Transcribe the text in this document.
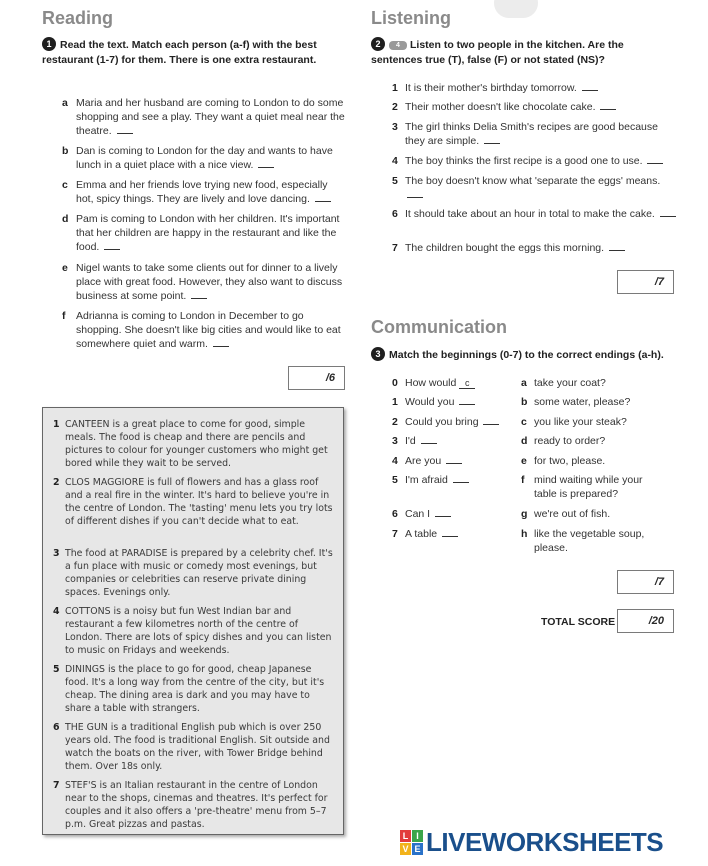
Reading
1 Read the text. Match each person (a-f) with the best restaurant (1-7) for them. There is one extra restaurant.
a Maria and her husband are coming to London to do some shopping and see a play. They want a quiet meal near the theatre.
b Dan is coming to London for the day and wants to have lunch in a quiet place with a nice view.
c Emma and her friends love trying new food, especially hot, spicy things. They are lively and love dancing.
d Pam is coming to London with her children. It's important that her children are happy in the restaurant and like the food.
e Nigel wants to take some clients out for dinner to a lively place with great food. However, they also want to discuss business at some point.
f Adrianna is coming to London in December to go shopping. She doesn't like big cities and would like to eat somewhere quiet and warm.
/6
1 CANTEEN is a great place to come for good, simple meals. The food is cheap and there are pencils and pictures to colour for younger customers who might get bored while they wait to be served.
2 CLOS MAGGIORE is full of flowers and has a glass roof and a real fire in the winter. It's hard to believe you're in the centre of London. The 'tasting' menu lets you try lots of different dishes if you can't decide what to eat.
3 The food at PARADISE is prepared by a celebrity chef. It's a fun place with music or comedy most evenings, but companies or celebrities can reserve private dining spaces. Evenings only.
4 COTTONS is a noisy but fun West Indian bar and restaurant a few kilometres north of the centre of London. There are lots of spicy dishes and you can listen to music on Fridays and weekends.
5 DININGS is the place to go for good, cheap Japanese food. It's a long way from the centre of the city, but it's cheap. The dining area is dark and you may have to share a table with strangers.
6 THE GUN is a traditional English pub which is over 250 years old. The food is traditional English. Sit outside and watch the boats on the river, with Tower Bridge behind them. Over 18s only.
7 STEF'S is an Italian restaurant in the centre of London near to the shops, cinemas and theatres. It's perfect for couples and it also offers a 'pre-theatre' menu from 5–7 p.m. Great pizzas and pastas.
Listening
2 4 Listen to two people in the kitchen. Are the sentences true (T), false (F) or not stated (NS)?
1 It is their mother's birthday tomorrow.
2 Their mother doesn't like chocolate cake.
3 The girl thinks Delia Smith's recipes are good because they are simple.
4 The boy thinks the first recipe is a good one to use.
5 The boy doesn't know what 'separate the eggs' means.
6 It should take about an hour in total to make the cake.
7 The children bought the eggs this morning.
/7
Communication
3 Match the beginnings (0-7) to the correct endings (a-h).
0 How would c
1 Would you
2 Could you bring
3 I'd
4 Are you
5 I'm afraid
6 Can I
7 A table
a take your coat?
b some water, please?
c you like your steak?
d ready to order?
e for two, please.
f mind waiting while your table is prepared?
g we're out of fish.
h like the vegetable soup, please.
/7
TOTAL SCORE	/20
L I
V E LIVEWORKSHEETS
